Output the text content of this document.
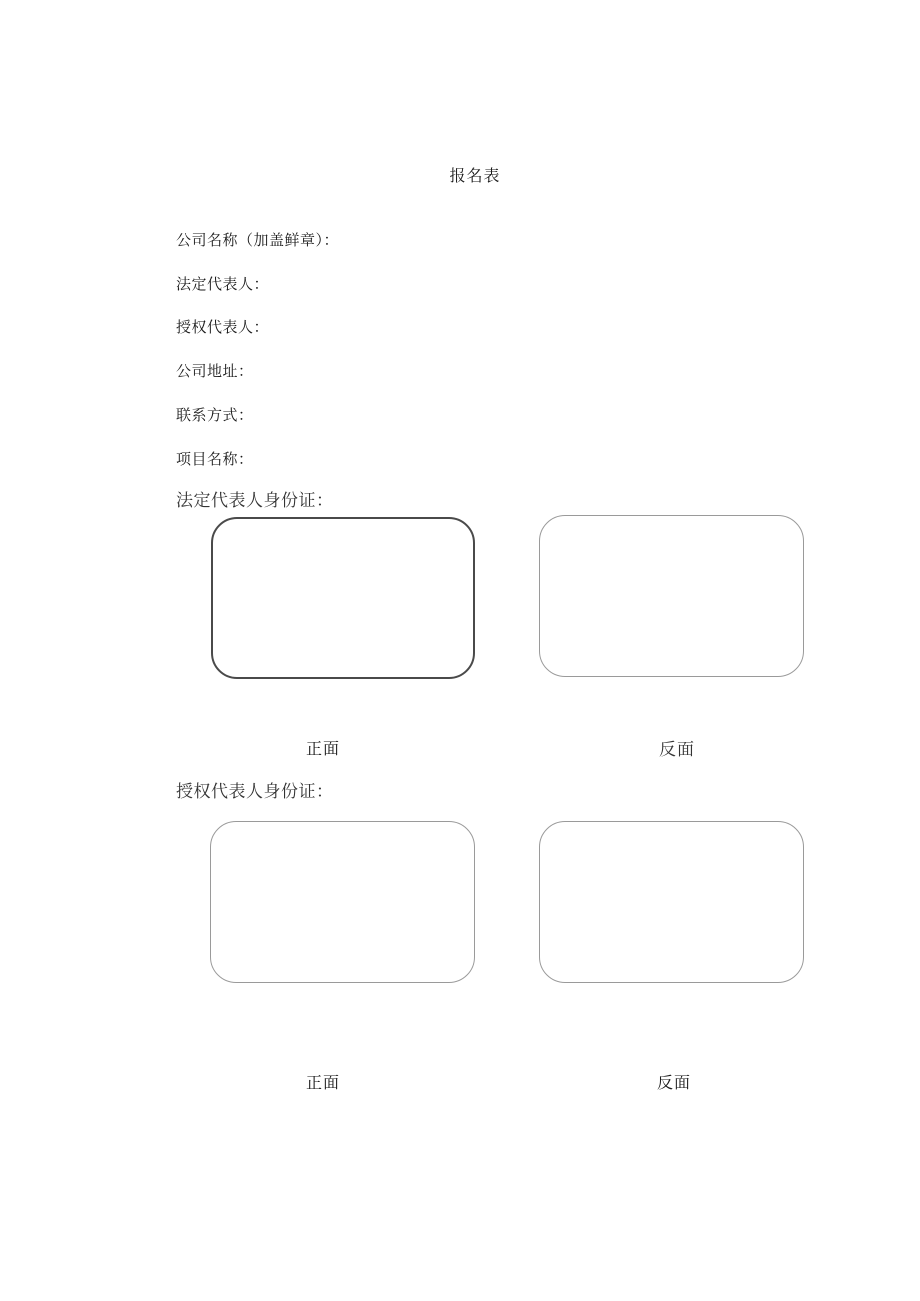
报名表
公司名称（加盖鲜章）：
法定代表人：
授权代表人：
公司地址：
联系方式：
项目名称：
法定代表人身份证：
正面	反面
授权代表人身份证：
正面	反面
